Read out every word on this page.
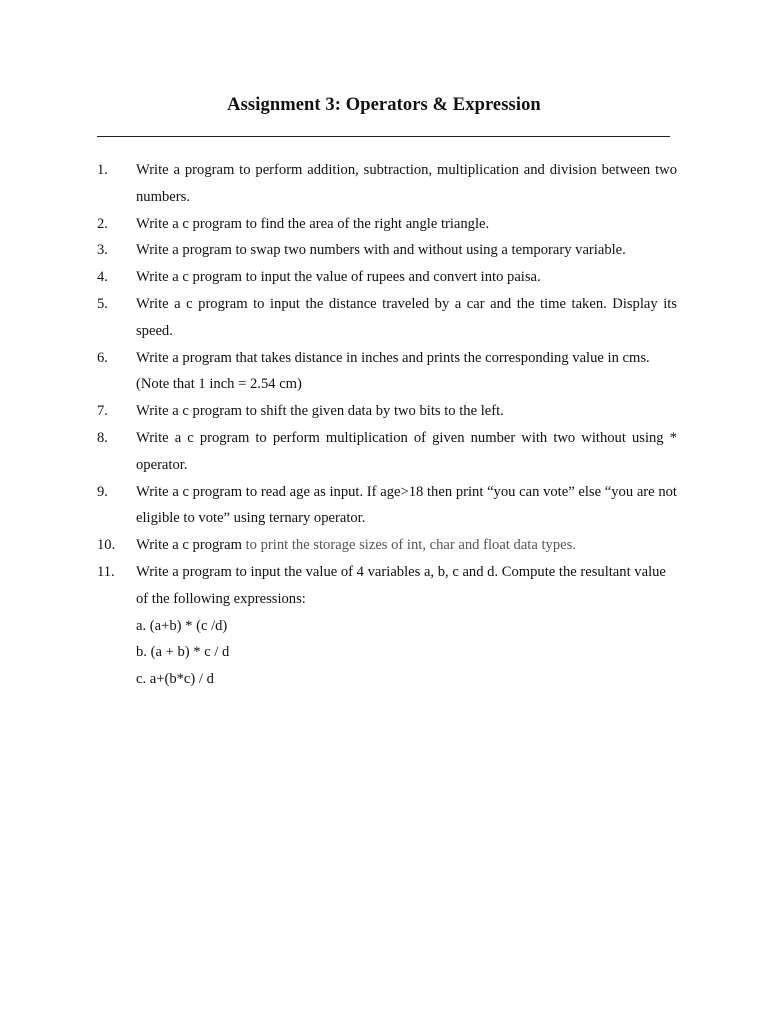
Assignment 3: Operators & Expression
1.	Write a program to perform addition, subtraction, multiplication and division between two numbers.
2.	Write a c program to find the area of the right angle triangle.
3.	Write a program to swap two numbers with and without using a temporary variable.
4.	Write a c program to input the value of rupees and convert into paisa.
5.	Write a c program to input the distance traveled by a car and the time taken. Display its speed.
6.	Write a program that takes distance in inches and prints the corresponding value in cms. (Note that 1 inch = 2.54 cm)
7.	Write a c program to shift the given data by two bits to the left.
8.	Write a c program to perform multiplication of given number with two without using * operator.
9.	Write a c program to read age as input. If age>18 then print “you can vote” else “you are not eligible to vote” using ternary operator.
10.	Write a c program to print the storage sizes of int, char and float data types.
11.	Write a program to input the value of 4 variables a, b, c and d. Compute the resultant value of the following expressions:
a. (a+b) * (c /d)
b. (a + b) * c / d
c. a+(b*c) / d
